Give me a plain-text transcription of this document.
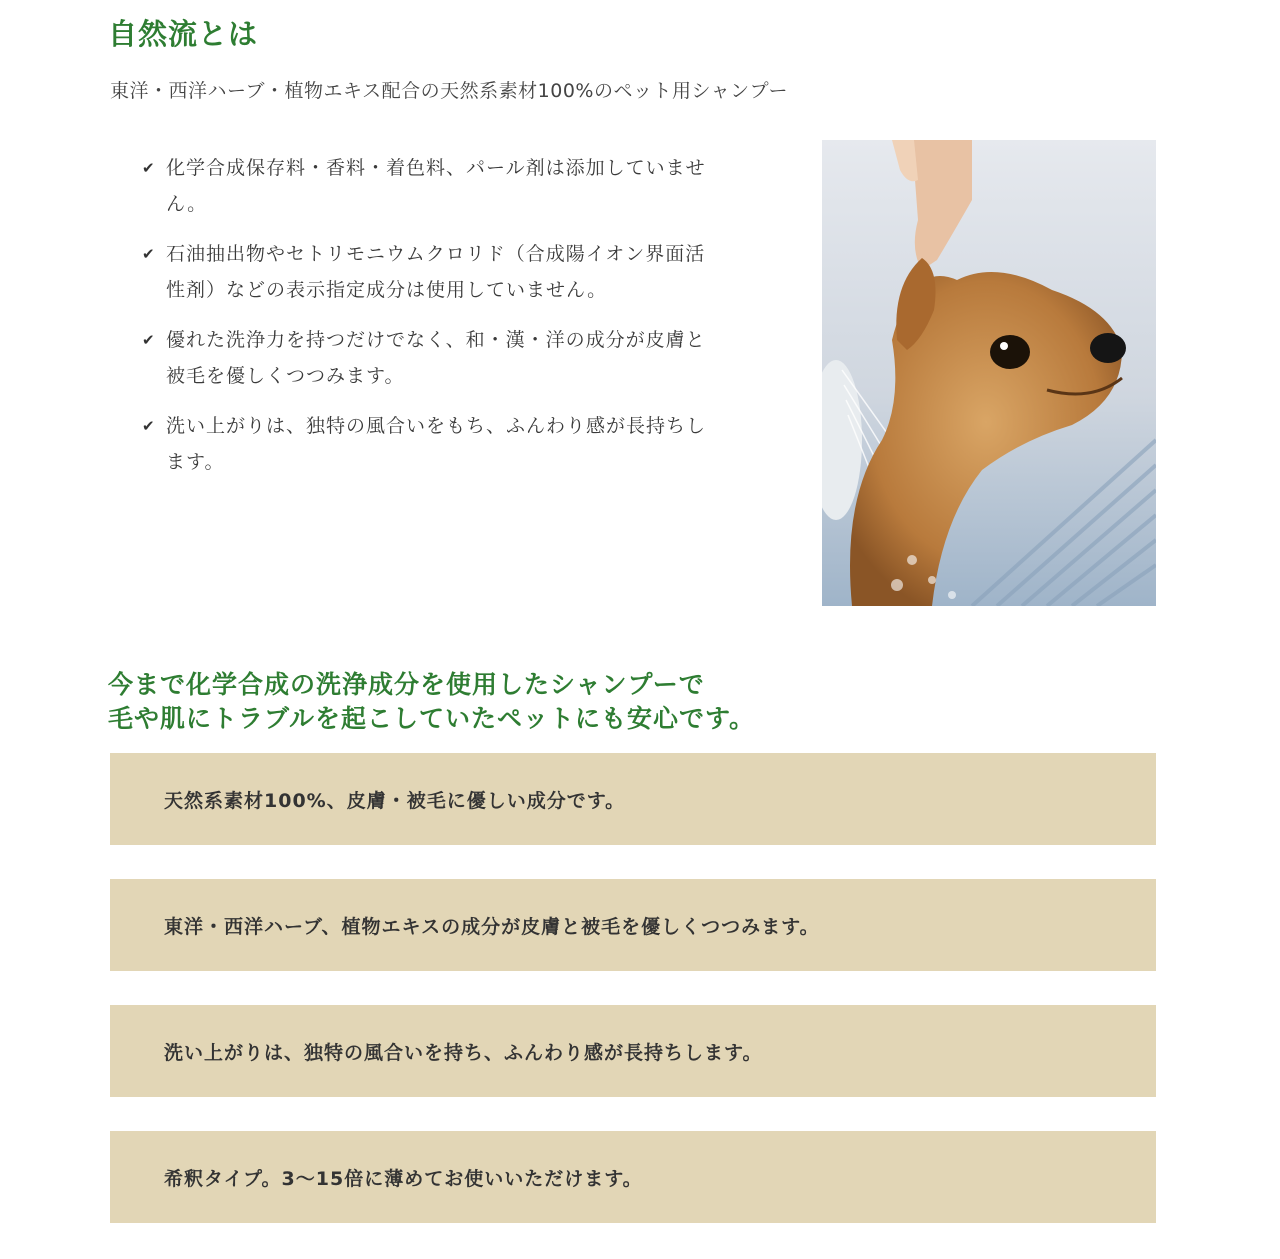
自然流とは

東洋・西洋ハーブ・植物エキス配合の天然系素材100%のペット用シャンプー

✔ 化学合成保存料・香料・着色料、パール剤は添加していませ
ん。
✔ 石油抽出物やセトリモニウムクロリド（合成陽イオン界面活
性剤）などの表示指定成分は使用していません。
✔ 優れた洗浄力を持つだけでなく、和・漢・洋の成分が皮膚と
被毛を優しくつつみます。
✔ 洗い上がりは、独特の風合いをもち、ふんわり感が長持ちし
ます。
今まで化学合成の洗浄成分を使用したシャンプーで
毛や肌にトラブルを起こしていたペットにも安心です。
天然系素材100%、皮膚・被毛に優しい成分です。
東洋・西洋ハーブ、植物エキスの成分が皮膚と被毛を優しくつつみます。
洗い上がりは、独特の風合いを持ち、ふんわり感が長持ちします。
希釈タイプ。3～15倍に薄めてお使いいただけます。
